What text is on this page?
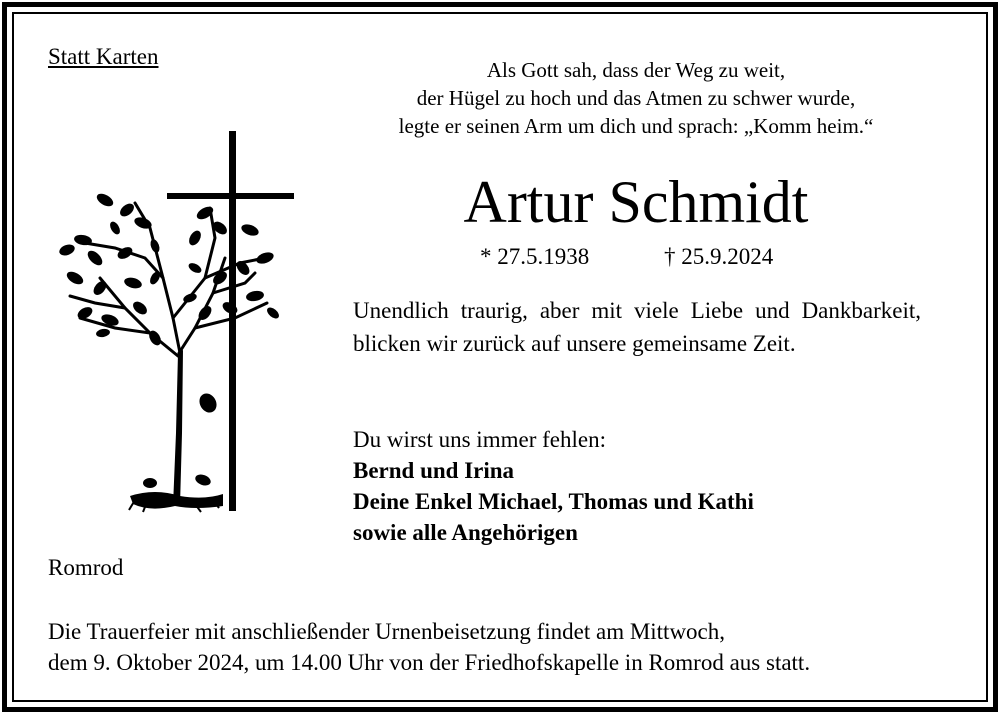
Statt Karten
Als Gott sah, dass der Weg zu weit,
der Hügel zu hoch und das Atmen zu schwer wurde,
legte er seinen Arm um dich und sprach: „Komm heim.“
Artur Schmidt
* 27.5.1938	† 25.9.2024
Unendlich traurig, aber mit viele Liebe und Dankbarkeit, blicken wir zurück auf unsere gemeinsame Zeit.
Du wirst uns immer fehlen:
Bernd und Irina
Deine Enkel Michael, Thomas und Kathi
sowie alle Angehörigen
Romrod
Die Trauerfeier mit anschließender Urnenbeisetzung findet am Mittwoch,
dem 9. Oktober 2024, um 14.00 Uhr von der Friedhofskapelle in Romrod aus statt.
